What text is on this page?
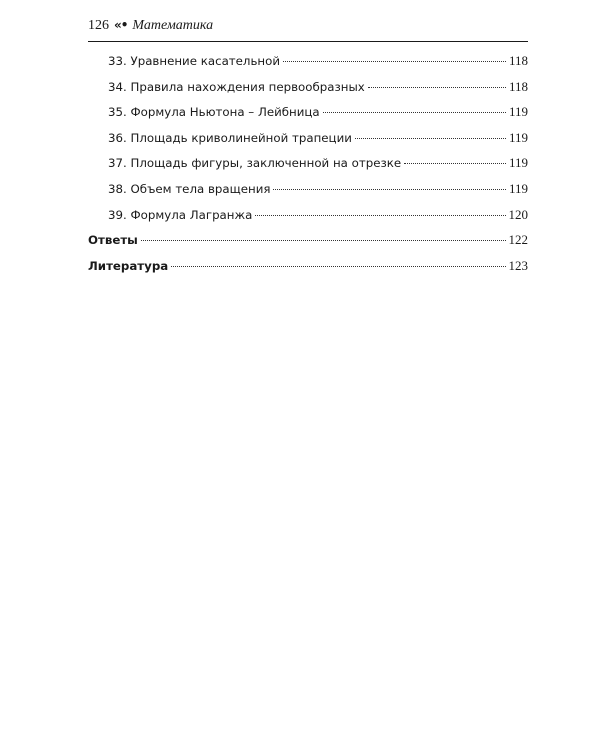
126 «• Математика
33. Уравнение касательной	118
34. Правила нахождения первообразных	118
35. Формула Ньютона – Лейбница	119
36. Площадь криволинейной трапеции	119
37. Площадь фигуры, заключенной на отрезке	119
38. Объем тела вращения	119
39. Формула Лагранжа	120
Ответы	122
Литература	123
